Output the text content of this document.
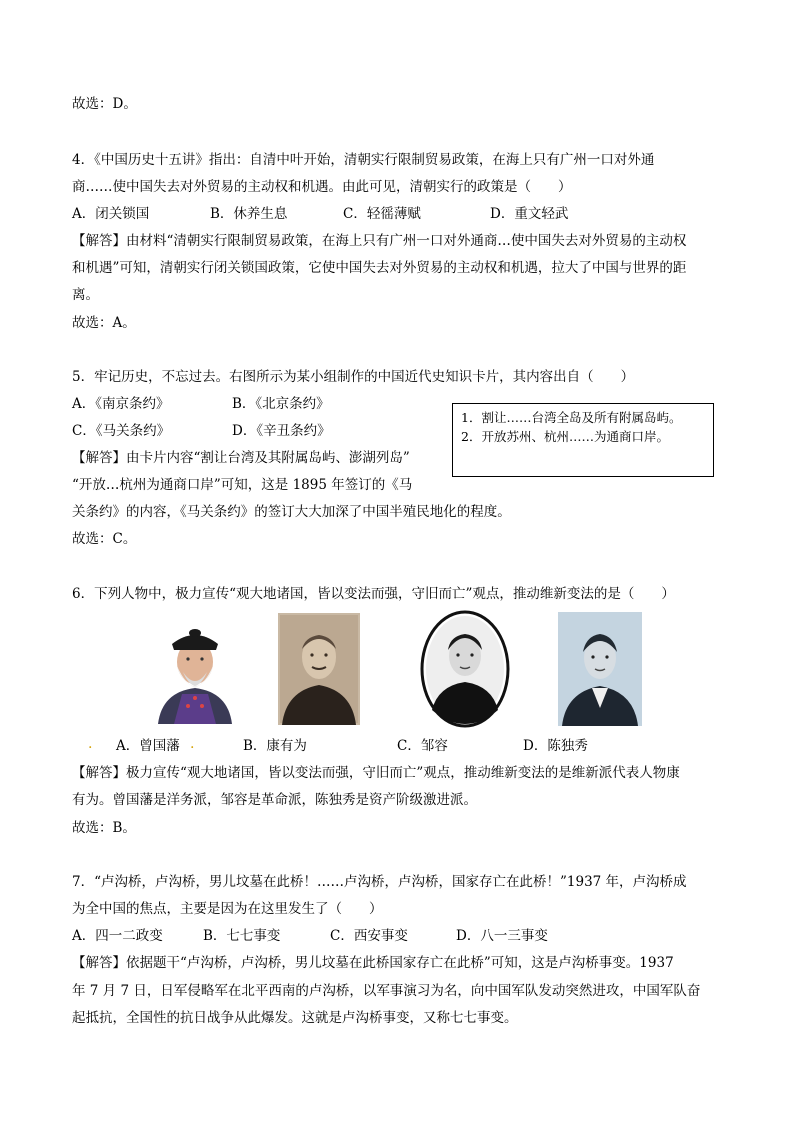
故选：D。
4．《中国历史十五讲》指出：自清中叶开始，清朝实行限制贸易政策，在海上只有广州一口对外通
商……使中国失去对外贸易的主动权和机遇。由此可见，清朝实行的政策是（　　）
A．闭关锁国	B．休养生息	C．轻徭薄赋	D．重文轻武
【解答】由材料“清朝实行限制贸易政策，在海上只有广州一口对外通商…使中国失去对外贸易的主动权
和机遇”可知，清朝实行闭关锁国政策，它使中国失去对外贸易的主动权和机遇，拉大了中国与世界的距
离。
故选：A。
5．牢记历史，不忘过去。右图所示为某小组制作的中国近代史知识卡片，其内容出自（　　）
A．《南京条约》	B．《北京条约》
C．《马关条约》	D．《辛丑条约》
1．割让……台湾全岛及所有附属岛屿。
2．开放苏州、杭州……为通商口岸。
【解答】由卡片内容“割让台湾及其附属岛屿、澎湖列岛”
“开放…杭州为通商口岸”可知，这是 1895 年签订的《马
关条约》的内容，《马关条约》的签订大大加深了中国半殖民地化的程度。
故选：C。
6．下列人物中，极力宣传“观大地诸国，皆以变法而强，守旧而亡”观点，推动维新变法的是（　　）
.	.
A．曾国藩	B．康有为	C．邹容	D．陈独秀
【解答】极力宣传“观大地诸国，皆以变法而强，守旧而亡”观点，推动维新变法的是维新派代表人物康
有为。曾国藩是洋务派，邹容是革命派，陈独秀是资产阶级激进派。
故选：B。
7．“卢沟桥，卢沟桥，男儿坟墓在此桥！……卢沟桥，卢沟桥，国家存亡在此桥！”1937 年，卢沟桥成
为全中国的焦点，主要是因为在这里发生了（　　）
A．四一二政变	B．七七事变	C．西安事变	D．八一三事变
【解答】依据题干“卢沟桥，卢沟桥，男儿坟墓在此桥国家存亡在此桥”可知，这是卢沟桥事变。1937
年 7 月 7 日，日军侵略军在北平西南的卢沟桥，以军事演习为名，向中国军队发动突然进攻，中国军队奋
起抵抗，全国性的抗日战争从此爆发。这就是卢沟桥事变，又称七七事变。
